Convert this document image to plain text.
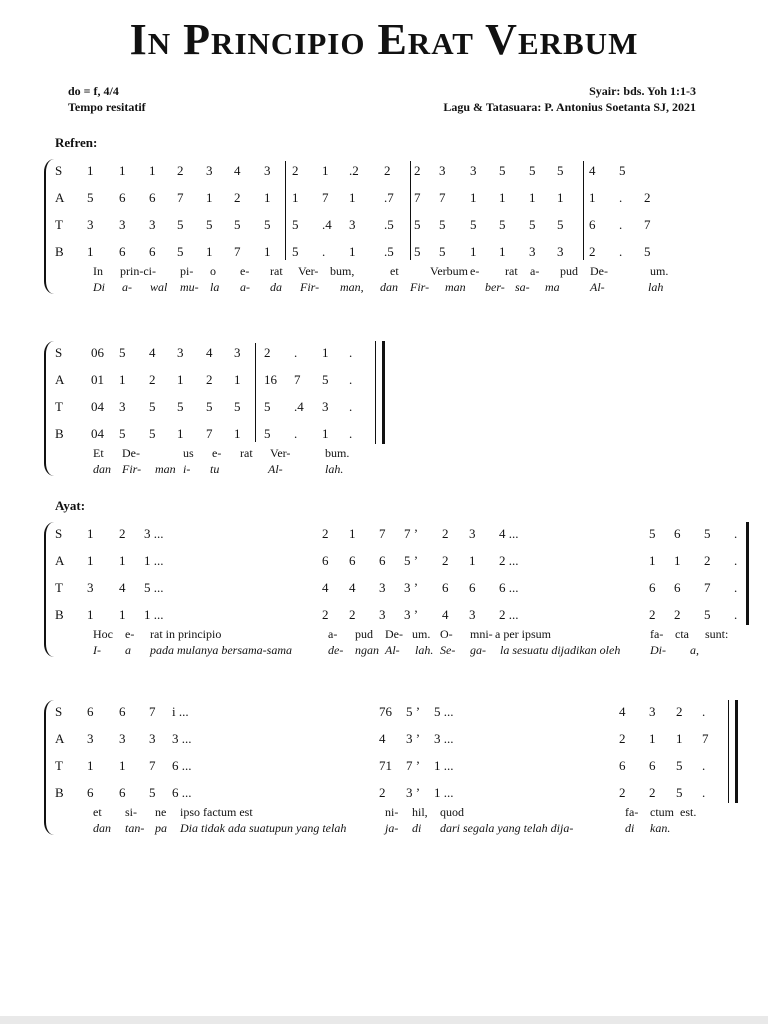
In Principio Erat Verbum
do = f, 4/4
Tempo resitatif
Syair: bds. Yoh 1:1-3
Lagu & Tatasuara: P. Antonius Soetanta SJ, 2021
Refren:
Ayat:
S 1 1 1 2 3 4 3 2 1 .2 2 2 3 3 5 5 5 4 5
A 5 6 6 7 1 2 1 1 7 1 .7 7 7 1 1 1 1 1 . 2
T 3 3 3 5 5 5 5 5 .4 3 .5 5 5 5 5 5 5 6 . 7
B 1 6 6 5 1 7 1 5 . 1 .5 5 5 1 1 3 3 2 . 5
In prin-ci- pi- o e- rat Ver- bum,	et	Verbum e- rat a- pud De-	um.
Di a- wal mu- la a- da Fir- man, dan Fir- man ber- sa- ma	Al-	lah
S 06 5 4 3 4 3 2 . 1 .
A 01 1 2 1 2 1 16 7 5 .
T 04 3 5 5 5 5 5 .4 3 .
B 04 5 5 1 7 1 5 . 1 .
Et De-	us e- rat Ver-	bum.
dan Fir- man i- tu	Al-	lah.
S 1 2 3 ...	2 1 7 7 ’ 2 3 4 ...	5 6 5 .
A 1 1 1 ...	6 6 6 5 ’ 2 1 2 ...	1 1 2 .
T 3 4 5 ...	4 4 3 3 ’ 6 6 6 ...	6 6 7 .
B 1 1 1 ...	2 2 3 3 ’ 4 3 2 ...	2 2 5 .
Hoc e- rat in principio	a- pud De- um. O- mni- a per ipsum	fa- cta sunt:
I- a pada mulanya bersama-sama	de- ngan Al- lah. Se- ga- la sesuatu dijadikan oleh Di- a,
S 6 6 7 i ...	76 5 ’ 5 ...	4 3 2 .
A 3 3 3 3 ...	4 3 ’ 3 ...	2 1 1 7
T 1 1 7 6 ...	71 7 ’ 1 ...	6 6 5 .
B 6 6 5 6 ...	2 3 ’ 1 ...	2 2 5 .
et si- ne ipso factum est	ni- hil, quod	fa- ctum est.
dan tan- pa Dia tidak ada suatupun yang telah	ja- di dari segala yang telah dija-	di kan.
